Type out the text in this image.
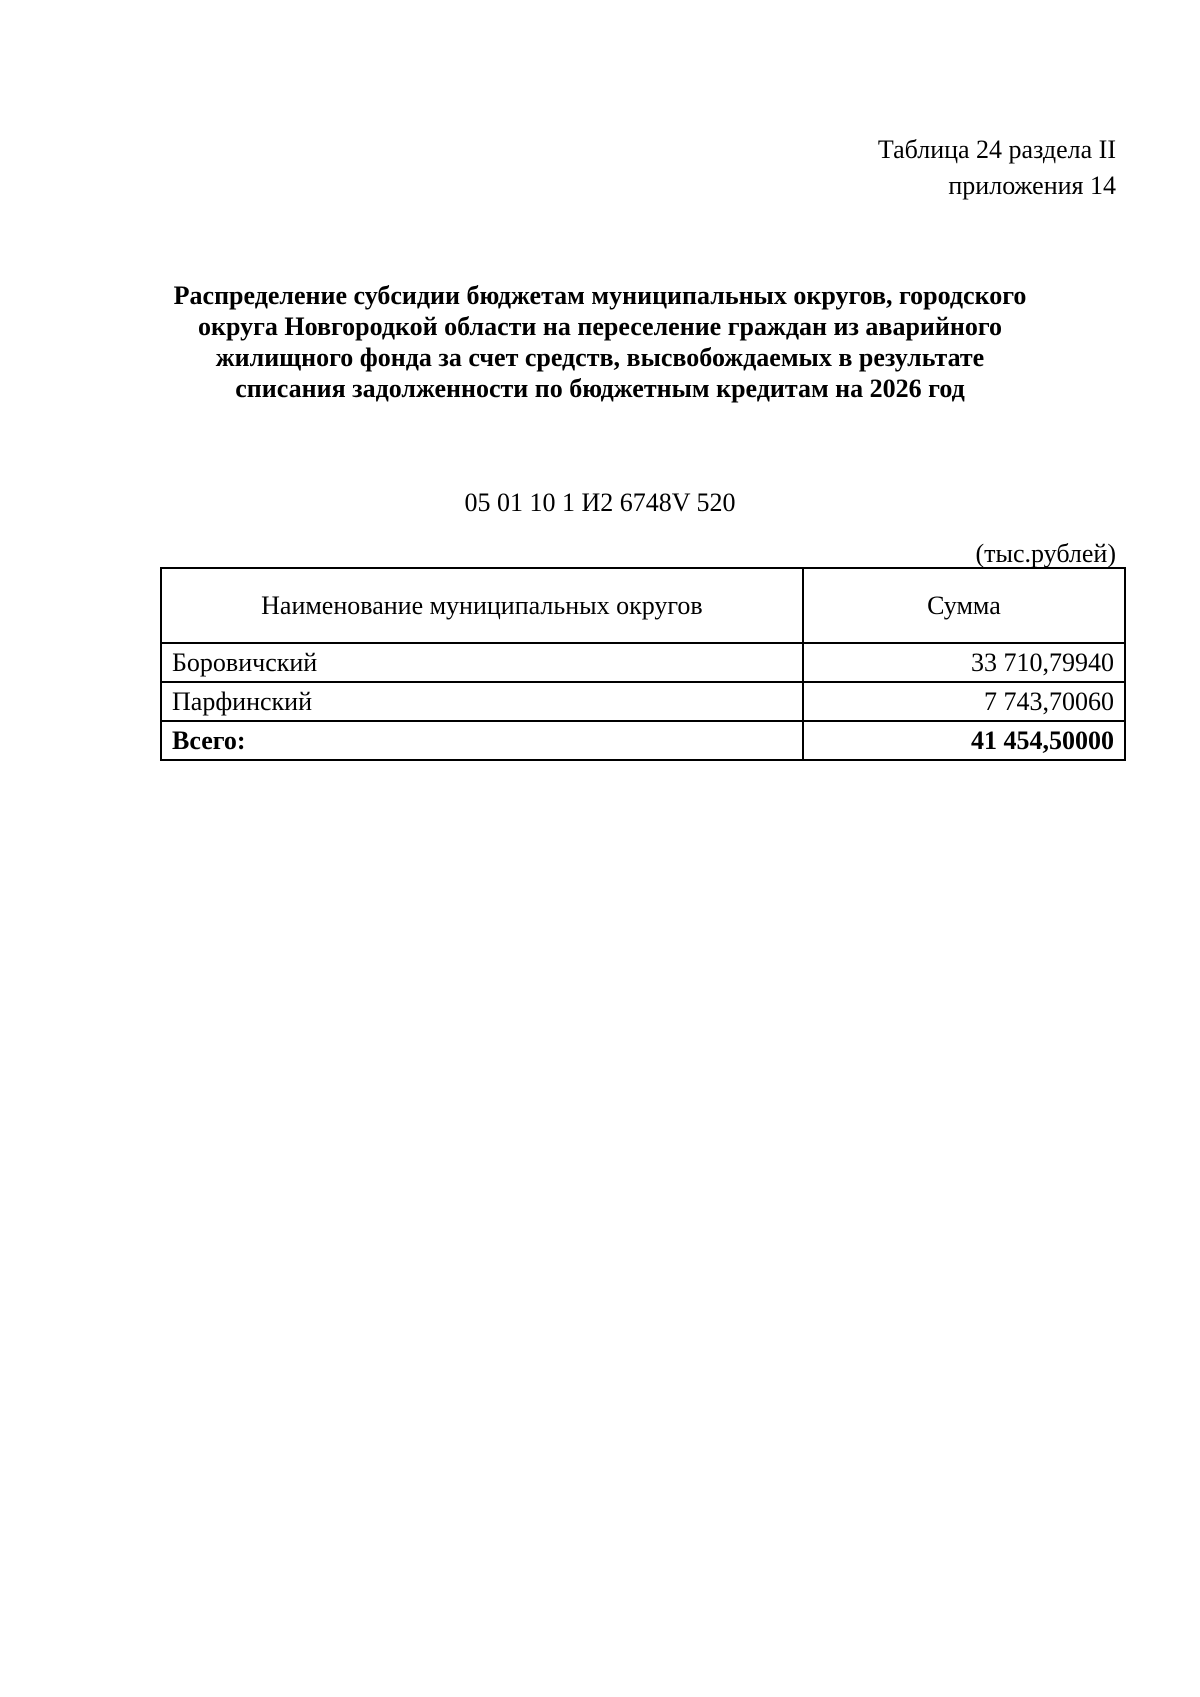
Таблица 24 раздела II
приложения 14
Распределение субсидии бюджетам муниципальных округов, городского
округа Новгородкой области на переселение граждан из аварийного
жилищного фонда за счет средств, высвобождаемых в результате
списания задолженности по бюджетным кредитам на 2026 год
05 01 10 1 И2 6748V 520
(тыс.рублей)
Наименование муниципальных округов	Сумма
Боровичский	33 710,79940
Парфинский	7 743,70060
Всего:	41 454,50000
